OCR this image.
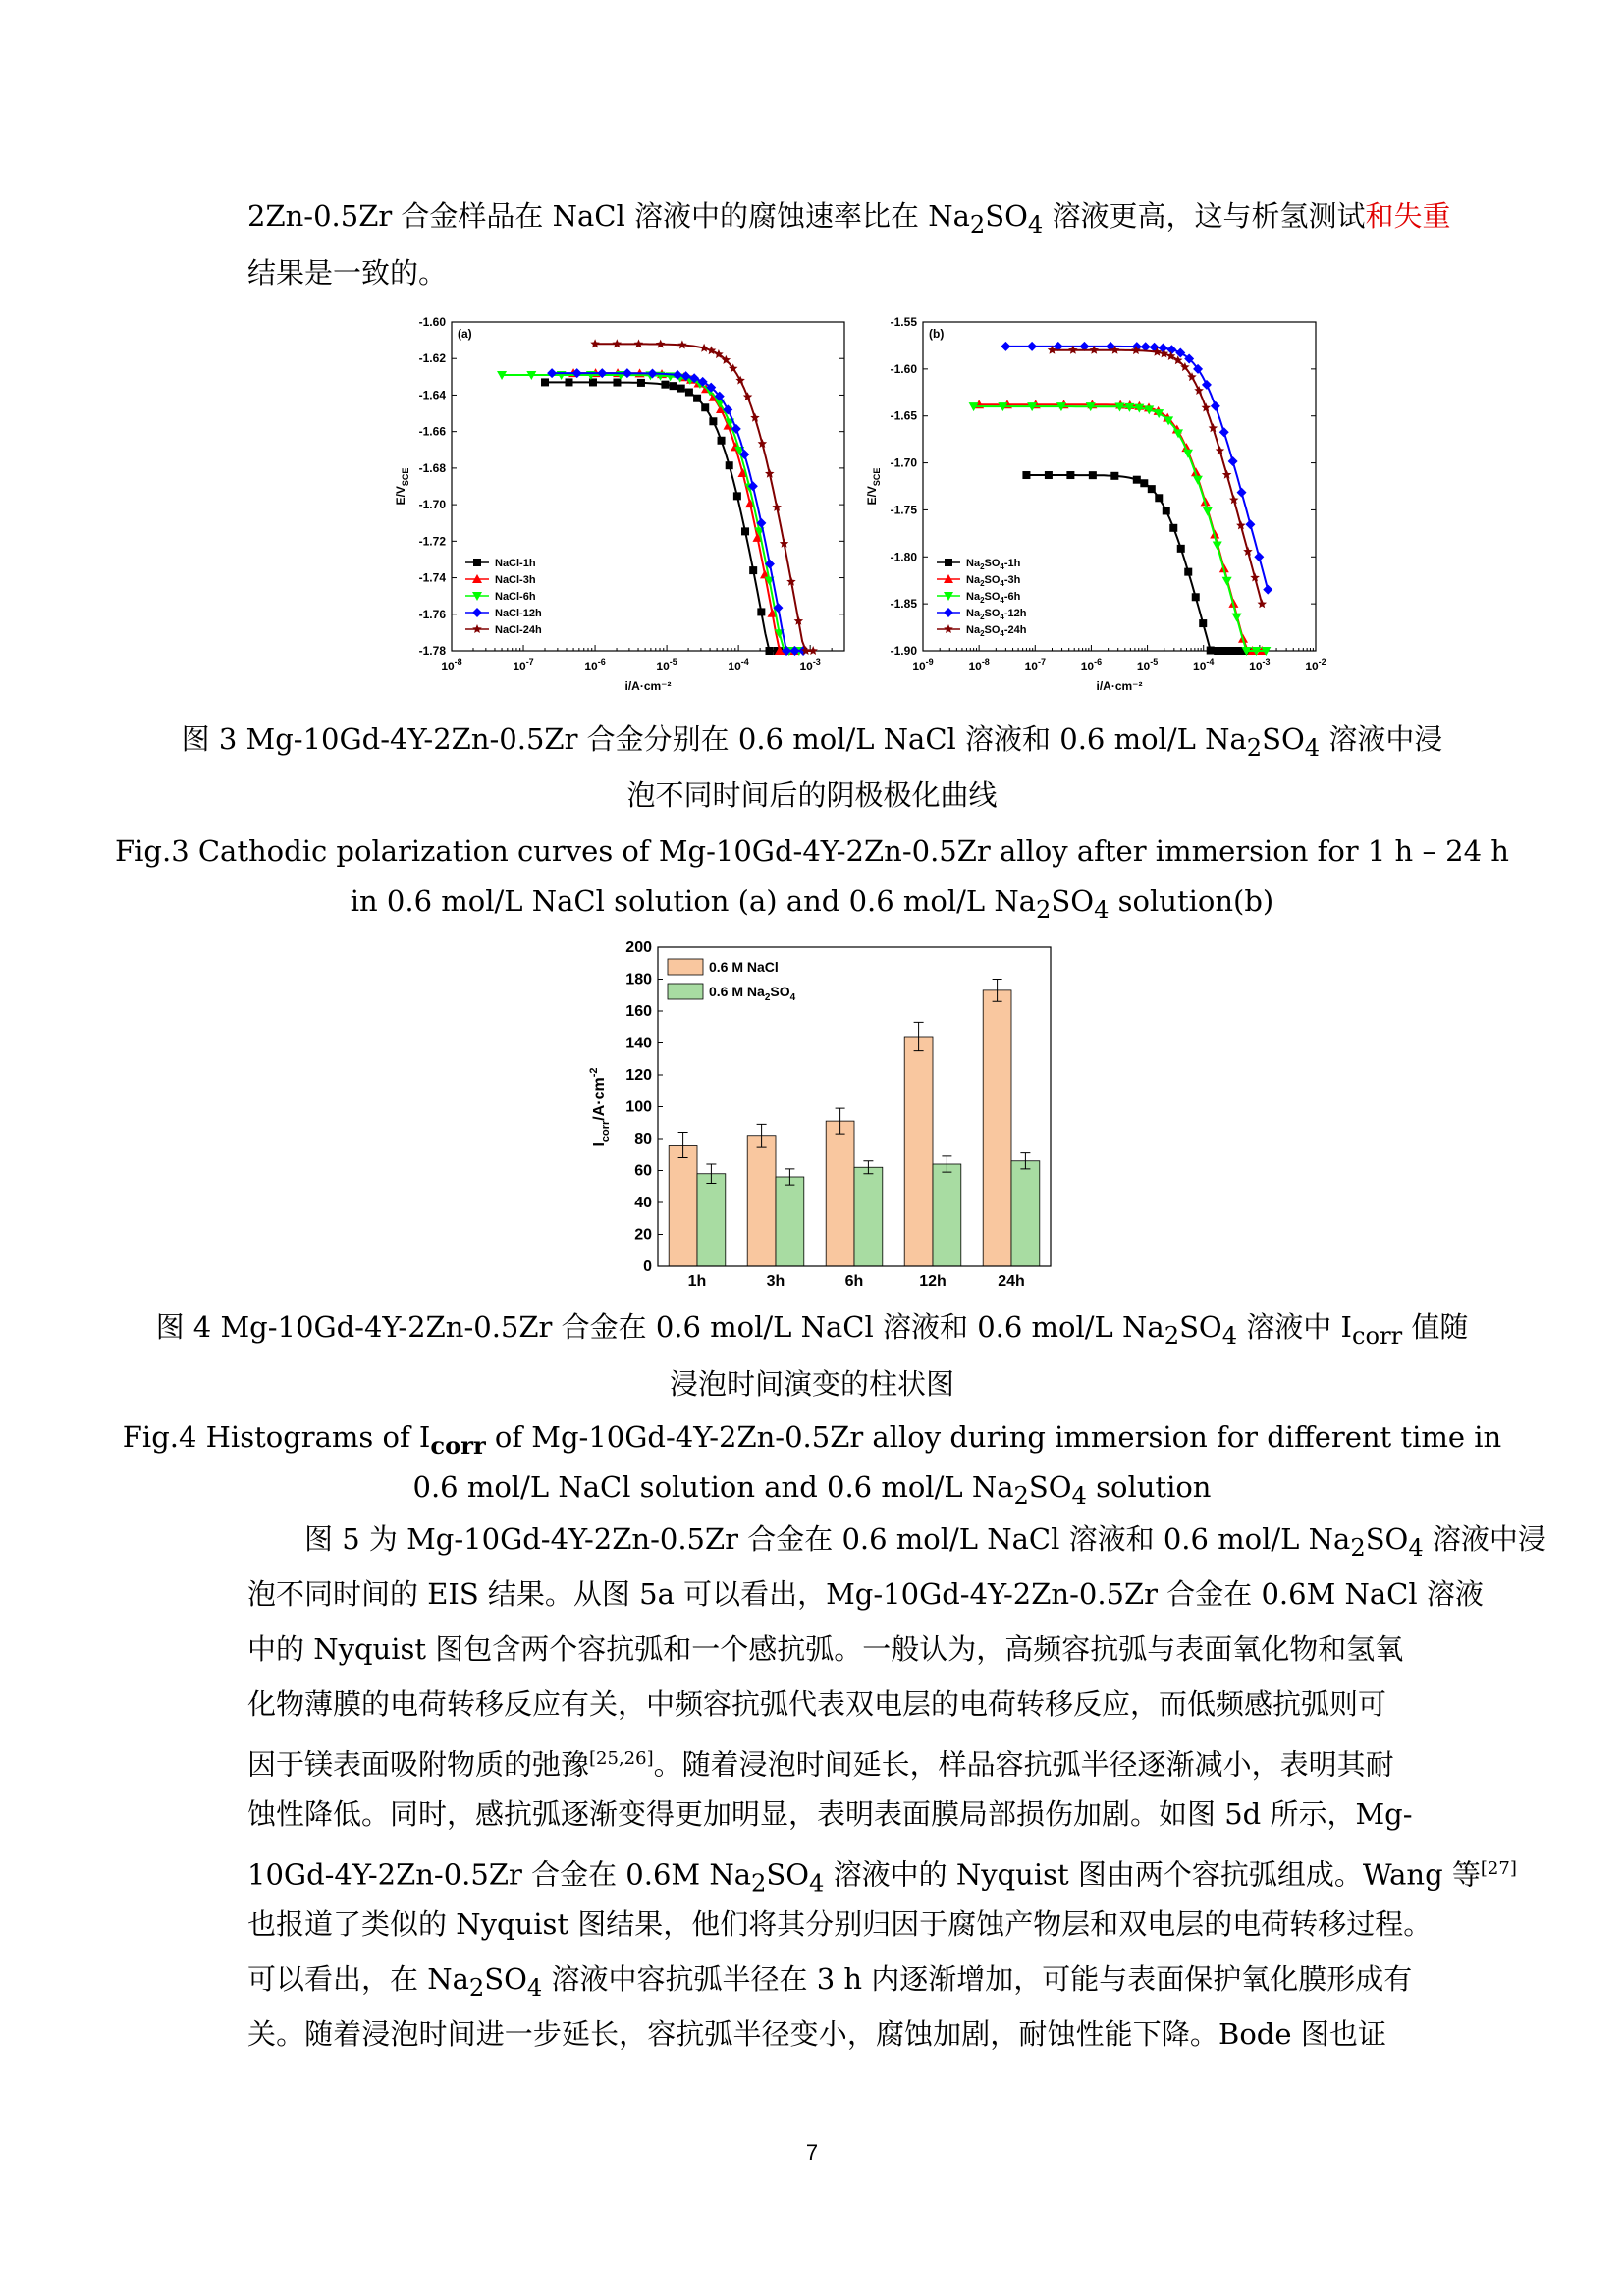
2Zn-0.5Zr 合金样品在 NaCl 溶液中的腐蚀速率比在 $Na_2SO_4$ 溶液更高，这与析氢测试和失重
结果是一致的。
-1.60
-1.62
-1.64
-1.66
-1.68
-1.70
-1.72
-1.74
-1.76
-1.78
$10^{-8}$	$10^{-7}$	$10^{-6}$	$10^{-5}$	$10^{-4}$	$10^{-3}$
i/A·cm⁻²
$E/V_{SCE}$
(a)
NaCl-1h
NaCl-3h
NaCl-6h
NaCl-12h
NaCl-24h
-1.55
-1.60
-1.65
-1.70
-1.75
-1.80
-1.85
-1.90
$10^{-9}$	$10^{-8}$	$10^{-7}$	$10^{-6}$	$10^{-5}$	$10^{-4}$	$10^{-3}$	$10^{-2}$
i/A·cm⁻²
$E/V_{SCE}$
(b)
$Na_2SO_4-1h$
$Na_2SO_4-3h$
$Na_2SO_4-6h$
$Na_2SO_4-12h$
$Na_2SO_4-24h$
图 3 Mg-10Gd-4Y-2Zn-0.5Zr 合金分别在 0.6 mol/L NaCl 溶液和 0.6 mol/L $Na_2SO_4$ 溶液中浸
泡不同时间后的阴极极化曲线
Fig.3 Cathodic polarization curves of Mg-10Gd-4Y-2Zn-0.5Zr alloy after immersion for 1 h – 24 h
in 0.6 mol/L NaCl solution (a) and 0.6 mol/L $Na_2SO_4$ solution(b)
0
20
40
60
80
100
120
140
160
180
200
1h	3h	6h	12h	24h
$I_{corr}/A\cdot cm^{-2}$
0.6 M NaCl
0.6 M $Na_2SO_4$
图 4 Mg-10Gd-4Y-2Zn-0.5Zr 合金在 0.6 mol/L NaCl 溶液和 0.6 mol/L $Na_2SO_4$ 溶液中 $I_{corr}$ 值随
浸泡时间演变的柱状图
Fig.4 Histograms of $I_{corr}$ of Mg-10Gd-4Y-2Zn-0.5Zr alloy during immersion for different time in
0.6 mol/L NaCl solution and 0.6 mol/L $Na_2SO_4$ solution
图 5 为 Mg-10Gd-4Y-2Zn-0.5Zr 合金在 0.6 mol/L NaCl 溶液和 0.6 mol/L $Na_2SO_4$ 溶液中浸
泡不同时间的 EIS 结果。从图 5a 可以看出，Mg-10Gd-4Y-2Zn-0.5Zr 合金在 0.6M NaCl 溶液
中的 Nyquist 图包含两个容抗弧和一个感抗弧。一般认为，高频容抗弧与表面氧化物和氢氧
化物薄膜的电荷转移反应有关，中频容抗弧代表双电层的电荷转移反应，而低频感抗弧则可
因于镁表面吸附物质的弛豫[25,26]。随着浸泡时间延长，样品容抗弧半径逐渐减小，表明其耐
蚀性降低。同时，感抗弧逐渐变得更加明显，表明表面膜局部损伤加剧。如图 5d 所示，Mg-
10Gd-4Y-2Zn-0.5Zr 合金在 0.6M $Na_2SO_4$ 溶液中的 Nyquist 图由两个容抗弧组成。Wang 等[27]
也报道了类似的 Nyquist 图结果，他们将其分别归因于腐蚀产物层和双电层的电荷转移过程。
可以看出，在 $Na_2SO_4$ 溶液中容抗弧半径在 3 h 内逐渐增加，可能与表面保护氧化膜形成有
关。随着浸泡时间进一步延长，容抗弧半径变小，腐蚀加剧，耐蚀性能下降。Bode 图也证
7
